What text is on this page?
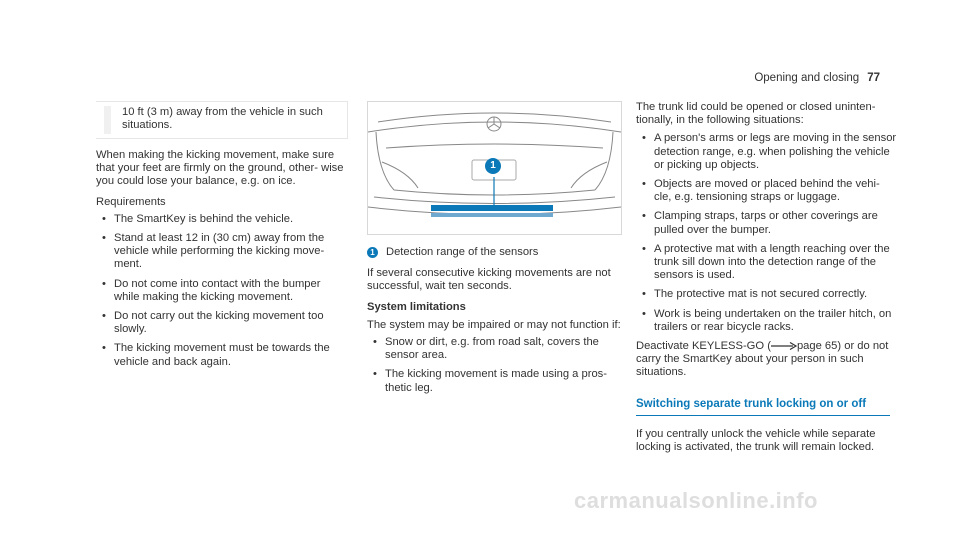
Opening and closing 77
10 ft (3 m) away from the vehicle in such situations.

When making the kicking movement, make sure that your feet are firmly on the ground, other- wise you could lose your balance, e.g. on ice.

Requirements

• The SmartKey is behind the vehicle.
• Stand at least 12 in (30 cm) away from the vehicle while performing the kicking move- ment.
• Do not come into contact with the bumper while making the kicking movement.
• Do not carry out the kicking movement too slowly.
• The kicking movement must be towards the vehicle and back again.
1
1 Detection range of the sensors

If several consecutive kicking movements are not successful, wait ten seconds.

System limitations

The system may be impaired or may not function if:

• Snow or dirt, e.g. from road salt, covers the sensor area.
• The kicking movement is made using a pros- thetic leg.

The trunk lid could be opened or closed uninten- tionally, in the following situations:

• A person's arms or legs are moving in the sensor detection range, e.g. when polishing the vehicle or picking up objects.
• Objects are moved or placed behind the vehi- cle, e.g. tensioning straps or luggage.
• Clamping straps, tarps or other coverings are pulled over the bumper.
• A protective mat with a length reaching over the trunk sill down into the detection range of the sensors is used.
• The protective mat is not secured correctly.
• Work is being undertaken on the trailer hitch, on trailers or rear bicycle racks.

Deactivate KEYLESS-GO ( page 65) or do not carry the SmartKey about your person in such situations.

Switching separate trunk locking on or off

If you centrally unlock the vehicle while separate locking is activated, the trunk will remain locked.

carmanualsonline.info
